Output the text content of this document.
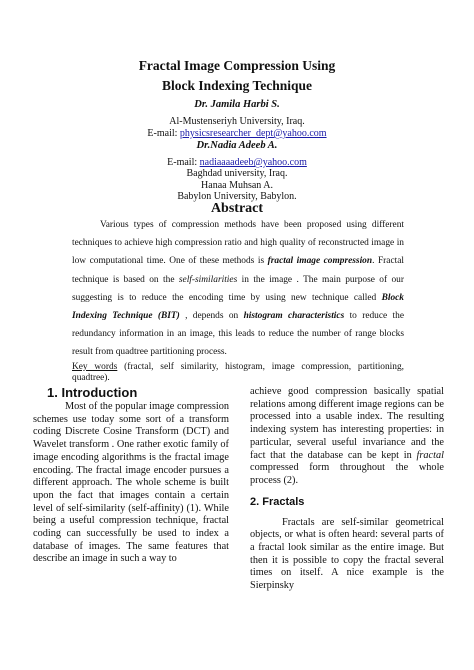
Fractal Image Compression Using
Block Indexing Technique
Dr. Jamila Harbi S.
Al-Mustenseriyh University, Iraq.
E-mail: physicsresearcher_dept@yahoo.com
Dr.Nadia Adeeb A.
E-mail: nadiaaaadeeb@yahoo.com
Baghdad university, Iraq.
Hanaa Muhsan A.
Babylon University, Babylon.
Abstract

Various types of compression methods have been proposed using different techniques to achieve high compression ratio and high quality of reconstructed image in low computational time. One of these methods is fractal image compression. Fractal technique is based on the self-similarities in the image . The main purpose of our suggesting is to reduce the encoding time by using new technique called Block Indexing Technique (BIT) , depends on histogram characteristics to reduce the redundancy information in an image, this leads to reduce the number of range blocks result from quadtree partitioning process.

Key words (fractal, self similarity, histogram, image compression, partitioning, quadtree).

1. Introduction

Most of the popular image compression schemes use today some sort of a transform coding Discrete Cosine Transform (DCT) and Wavelet transform . One rather exotic family of image encoding algorithms is the fractal image encoding. The fractal image encoder pursues a different approach. The whole scheme is built upon the fact that images contain a certain level of self-similarity (self-affinity) (1). While being a useful compression technique, fractal coding can successfully be used to index a database of images. The same features that describe an image in such a way to

achieve good compression basically spatial relations among different image regions can be processed into a usable index. The resulting indexing system has interesting properties: in particular, several useful invariance and the fact that the database can be kept in fractal compressed form throughout the whole process (2).

2. Fractals

Fractals are self-similar geometrical objects, or what is often heard: several parts of a fractal look similar as the entire image. But then it is possible to copy the fractal several times on itself. A nice example is the Sierpinsky
